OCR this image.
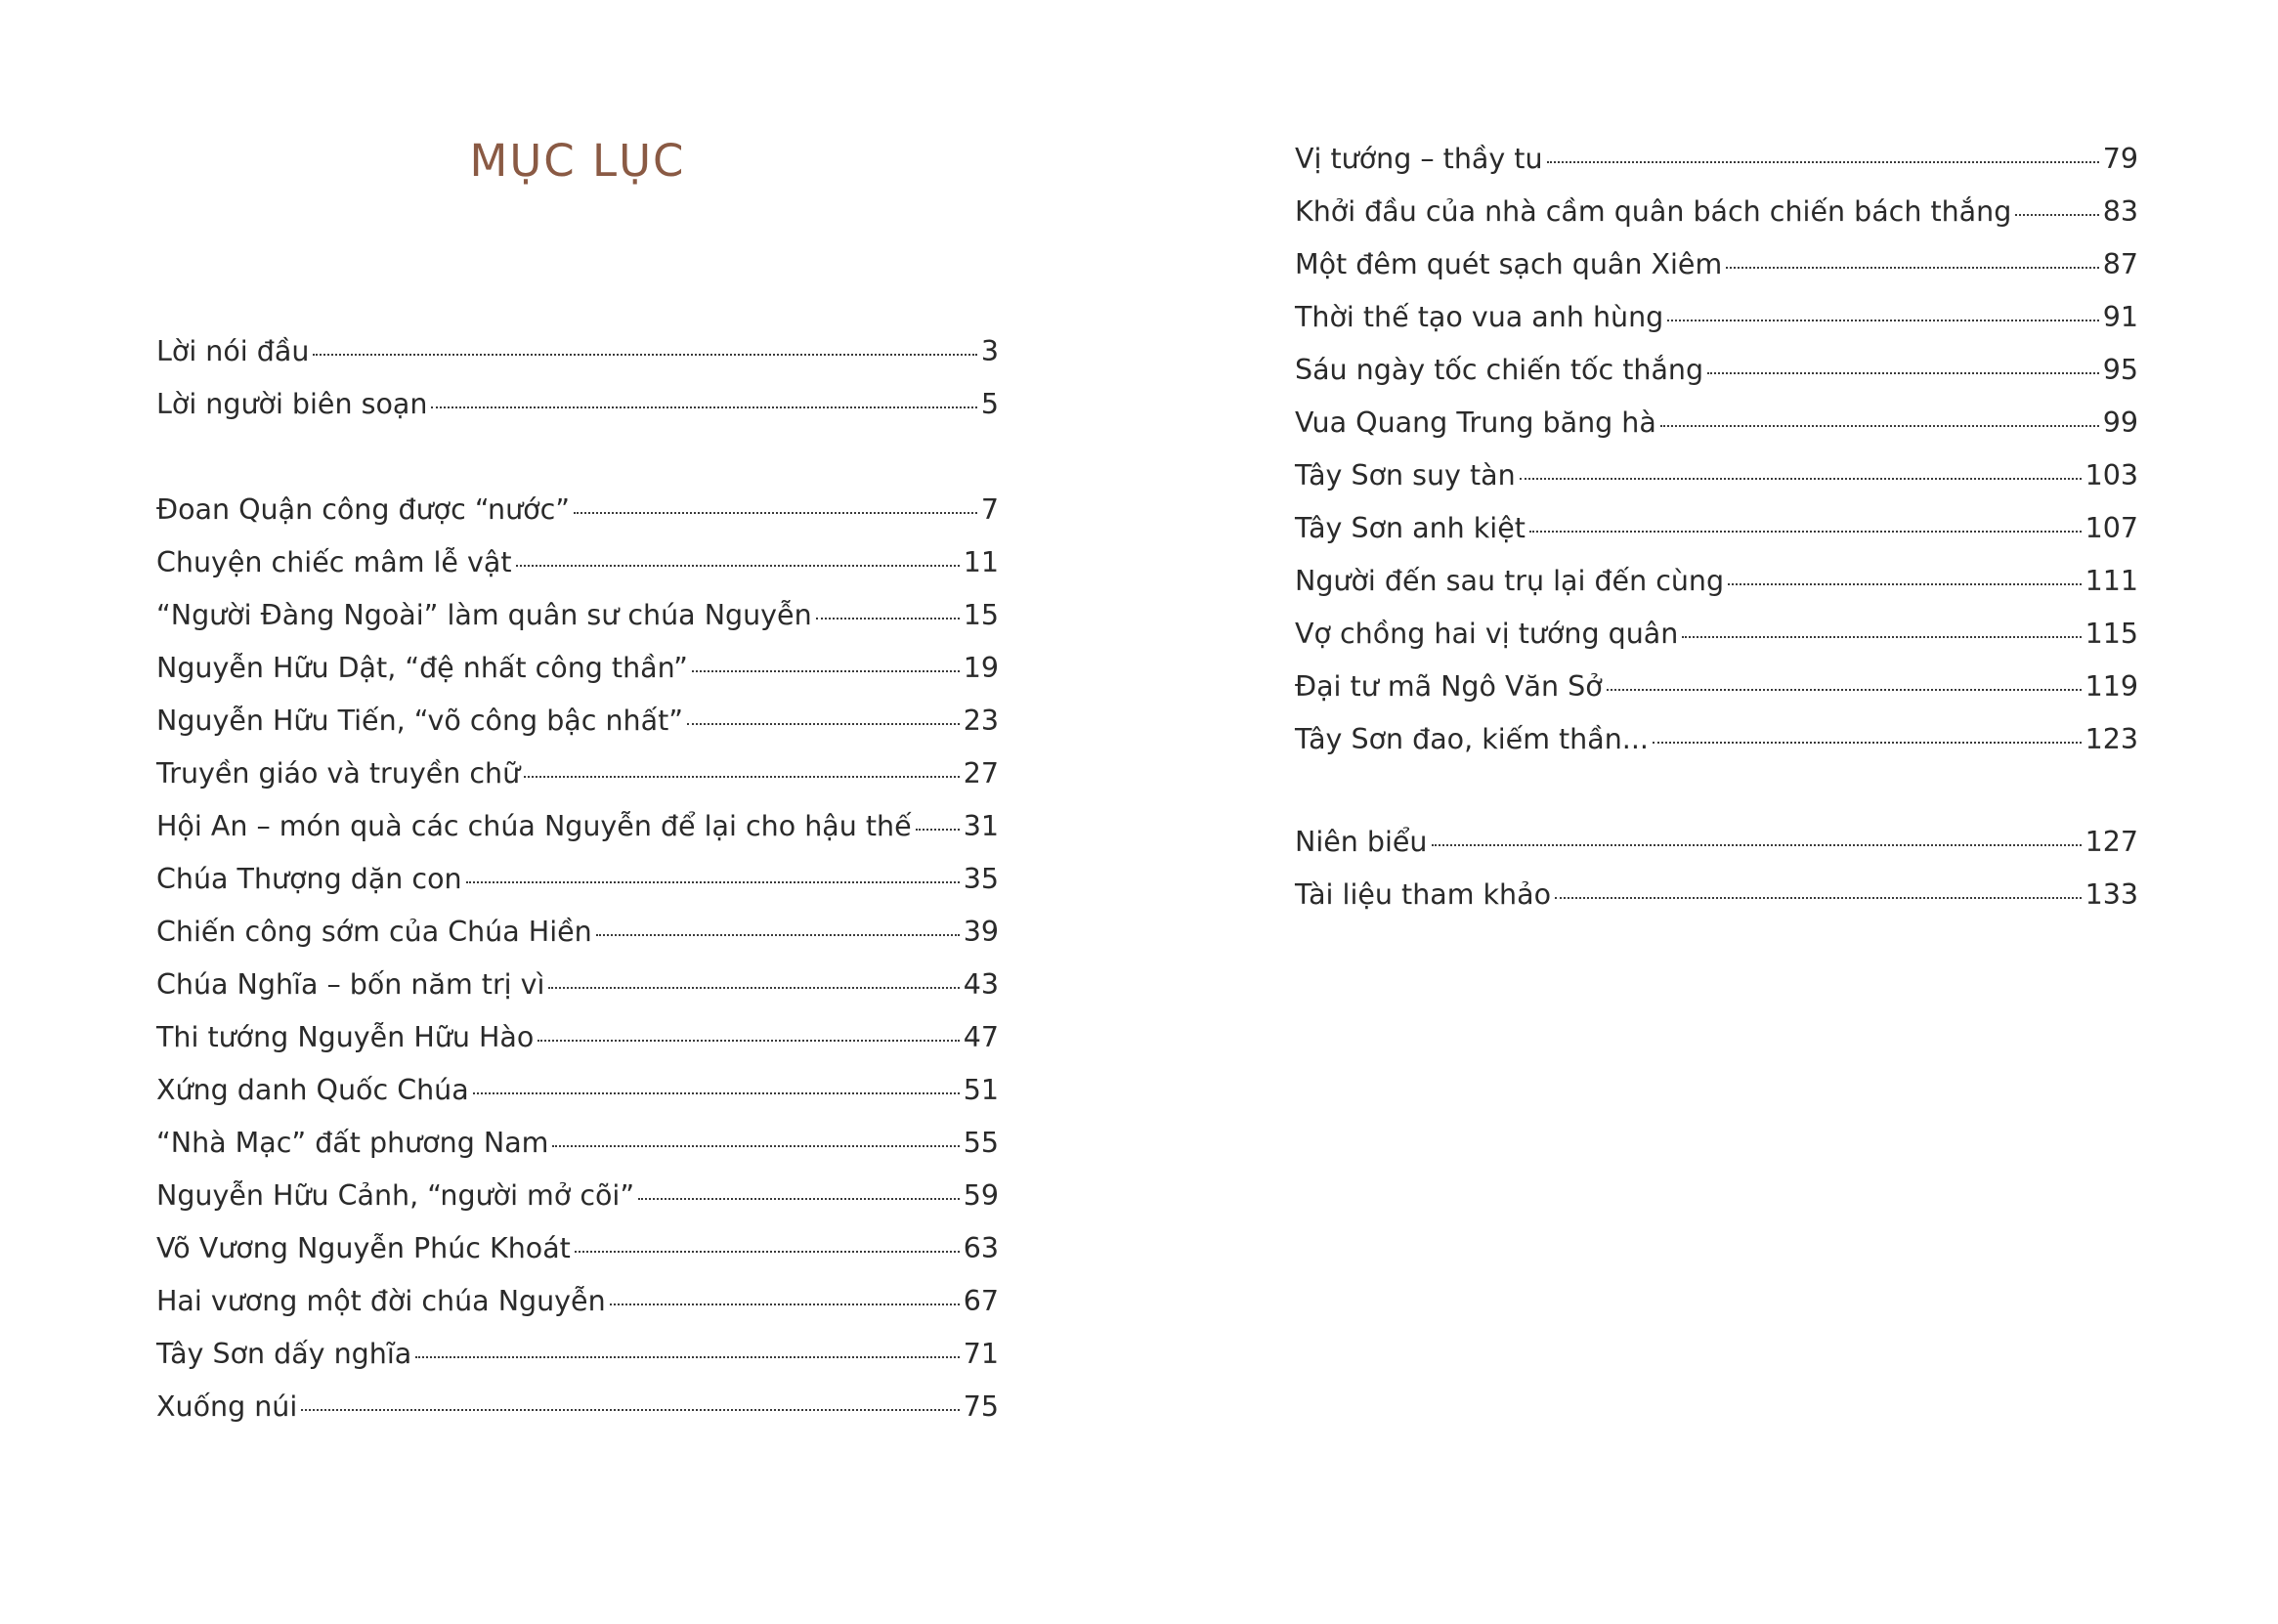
MỤC LỤC
Lời nói đầu	3
Lời người biên soạn	5
Đoan Quận công được “nước”	7
Chuyện chiếc mâm lễ vật	11
“Người Đàng Ngoài” làm quân sư chúa Nguyễn	15
Nguyễn Hữu Dật, “đệ nhất công thần”	19
Nguyễn Hữu Tiến, “võ công bậc nhất”	23
Truyền giáo và truyền chữ	27
Hội An – món quà các chúa Nguyễn để lại cho hậu thế 31
Chúa Thượng dặn con	35
Chiến công sớm của Chúa Hiền	39
Chúa Nghĩa – bốn năm trị vì	43
Thi tướng Nguyễn Hữu Hào	47
Xứng danh Quốc Chúa	51
“Nhà Mạc” đất phương Nam	55
Nguyễn Hữu Cảnh, “người mở cõi”	59
Võ Vương Nguyễn Phúc Khoát	63
Hai vương một đời chúa Nguyễn	67
Tây Sơn dấy nghĩa	71
Xuống núi	75
Vị tướng – thầy tu	79
Khởi đầu của nhà cầm quân bách chiến bách thắng	83
Một đêm quét sạch quân Xiêm	87
Thời thế tạo vua anh hùng	91
Sáu ngày tốc chiến tốc thắng	95
Vua Quang Trung băng hà	99
Tây Sơn suy tàn	103
Tây Sơn anh kiệt	107
Người đến sau trụ lại đến cùng	111
Vợ chồng hai vị tướng quân	115
Đại tư mã Ngô Văn Sở	119
Tây Sơn đao, kiếm thần...	123
Niên biểu	127
Tài liệu tham khảo	133
